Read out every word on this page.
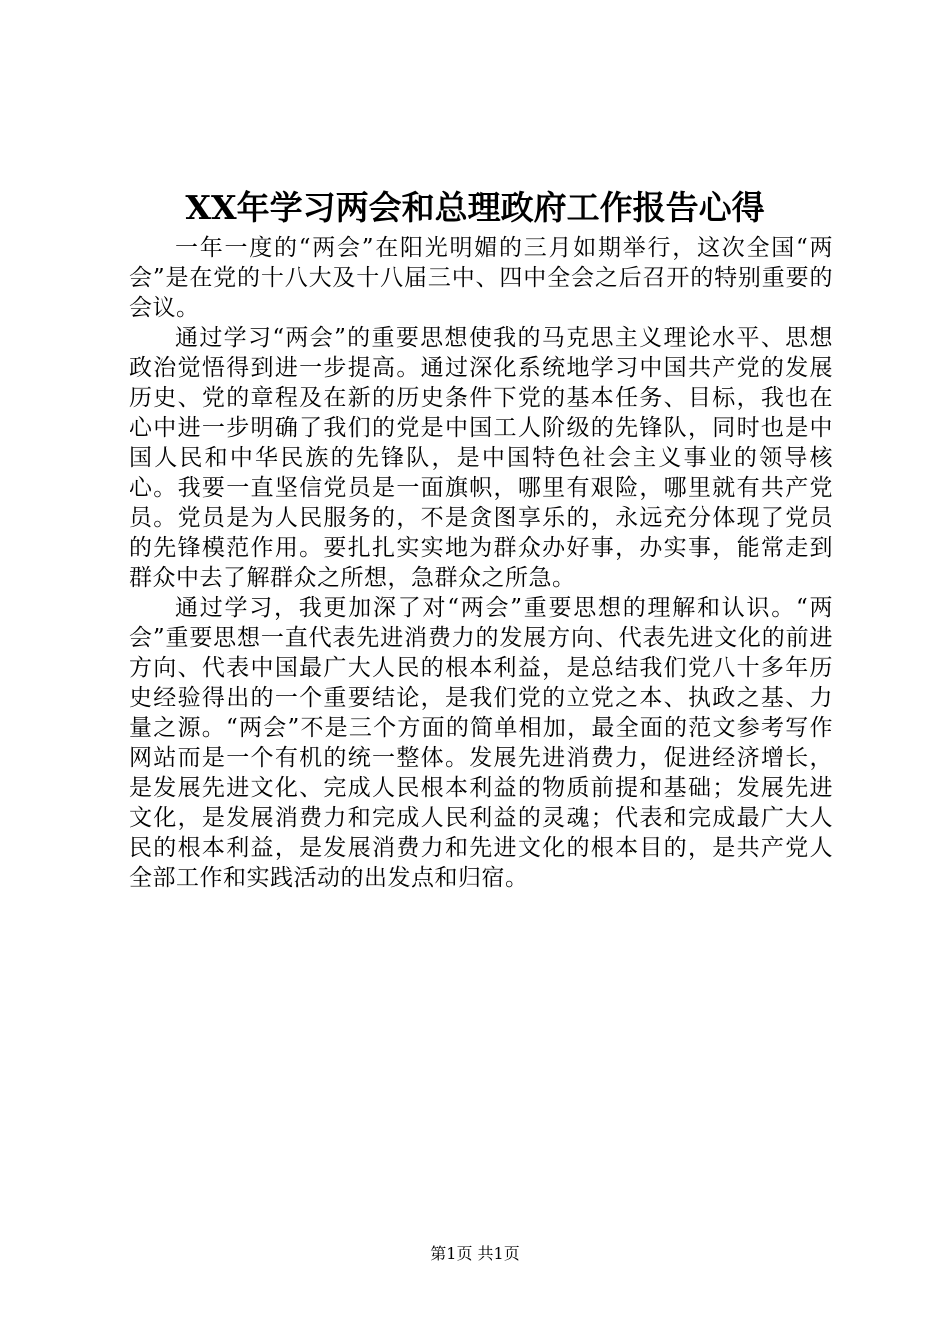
XX年学习两会和总理政府工作报告心得

一年一度的“两会”在阳光明媚的三月如期举行，这次全国“两会”是在党的十八大及十八届三中、四中全会之后召开的特别重要的会议。

通过学习“两会”的重要思想使我的马克思主义理论水平、思想政治觉悟得到进一步提高。通过深化系统地学习中国共产党的发展历史、党的章程及在新的历史条件下党的基本任务、目标，我也在心中进一步明确了我们的党是中国工人阶级的先锋队，同时也是中国人民和中华民族的先锋队，是中国特色社会主义事业的领导核心。我要一直坚信党员是一面旗帜，哪里有艰险，哪里就有共产党员。党员是为人民服务的，不是贪图享乐的，永远充分体现了党员的先锋模范作用。要扎扎实实地为群众办好事，办实事，能常走到群众中去了解群众之所想，急群众之所急。

通过学习，我更加深了对“两会”重要思想的理解和认识。“两会”重要思想一直代表先进消费力的发展方向、代表先进文化的前进方向、代表中国最广大人民的根本利益，是总结我们党八十多年历史经验得出的一个重要结论，是我们党的立党之本、执政之基、力量之源。“两会”不是三个方面的简单相加，最全面的范文参考写作网站而是一个有机的统一整体。发展先进消费力，促进经济增长，是发展先进文化、完成人民根本利益的物质前提和基础；发展先进文化，是发展消费力和完成人民利益的灵魂；代表和完成最广大人民的根本利益，是发展消费力和先进文化的根本目的，是共产党人全部工作和实践活动的出发点和归宿。

第1页 共1页
